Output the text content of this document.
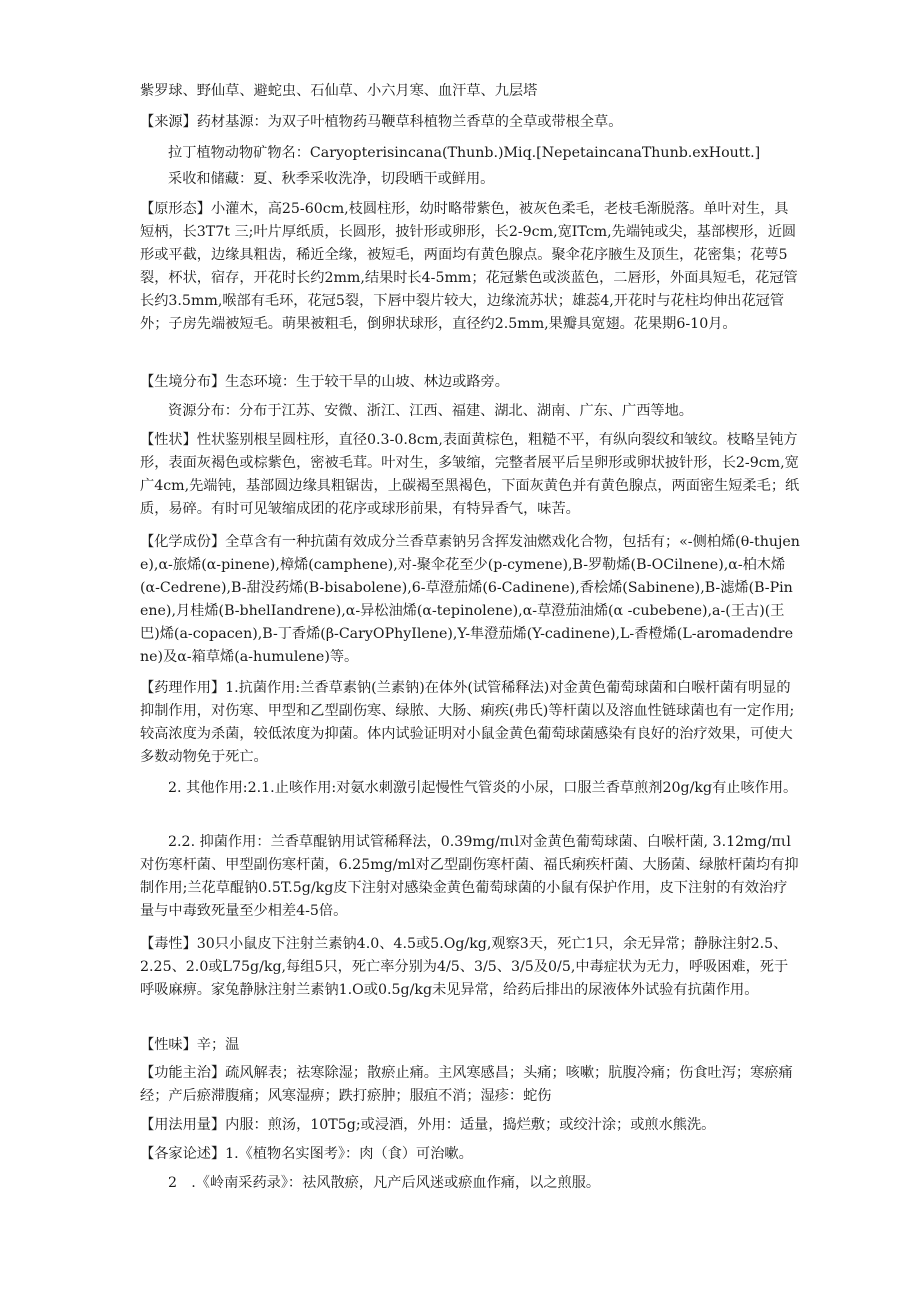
紫罗球、野仙草、避蛇虫、石仙草、小六月寒、血汗草、九层塔

【来源】药材基源：为双子叶植物药马鞭草科植物兰香草的全草或带根全草。

拉丁植物动物矿物名：Caryopterisincana(Thunb.)Miq.[NepetaincanaThunb.exHoutt.]

采收和储藏：夏、秋季采收洗净，切段晒干或鲜用。

【原形态】小灌木，高25-60cm,枝圆柱形，幼时略带紫色，被灰色柔毛，老枝毛渐脱落。单叶对生，具短柄，长3T7t 三;叶片厚纸质，长圆形，披针形或卵形，长2-9cm,宽ITcm,先端钝或尖，基部楔形，近圆形或平截，边缘具粗齿，稀近全缘，被短毛，两面均有黄色腺点。聚伞花序腋生及顶生，花密集；花萼5裂，杯状，宿存，开花时长约2mm,结果时长4-5mm；花冠紫色或淡蓝色，二唇形，外面具短毛，花冠管长约3.5mm,喉部有毛环，花冠5裂，下唇中裂片较大，边缘流苏状；雄蕊4,开花时与花柱均伸出花冠管外；子房先端被短毛。萌果被粗毛，倒卵状球形，直径约2.5mm,果瓣具宽翅。花果期6-10月。

【生境分布】生态环境：生于较干旱的山坡、林边或路旁。

资源分布：分布于江苏、安微、浙江、江西、福建、湖北、湖南、广东、广西等地。

【性状】性状鉴别根呈圆柱形，直径0.3-0.8cm,表面黄棕色，粗糙不平，有纵向裂纹和皱纹。枝略呈钝方形，表面灰褐色或棕紫色，密被毛茸。叶对生，多皱缩，完整者展平后呈卵形或卵状披针形，长2-9cm,宽广4cm,先端钝，基部圆边缘具粗锯齿，上碳褐至黑褐色，下面灰黄色并有黄色腺点，两面密生短柔毛；纸质，易碎。有时可见皱缩成团的花序或球形前果，有特异香气，味苦。

【化学成份】全草含有一种抗菌有效成分兰香草素钠另含挥发油燃戏化合物，包括有；«-侧柏烯(θ-thujene),α-旅烯(α-pinene),樟烯(camphene),对-聚伞花至少(p-cymene),B-罗勒烯(B-OCilnene),α-柏木烯(α-Cedrene),B-甜没药烯(B-bisabolene),6-草澄茄烯(6-Cadinene),香桧烯(Sabinene),B-滤烯(B-Pinene),月桂烯(B-bhelIandrene),α-异松油烯(α-tepinolene),α-草澄茄油烯(α -cubebene),a-(王古)(王巴)烯(a-copacen),B-丁香烯(β-CaryOPhyIlene),Y-隼澄茄烯(Y-cadinene),L-香橙烯(L-aromadendrene)及α-箱草烯(a-humulene)等。

【药理作用】1.抗菌作用:兰香草素钠(兰素钠)在体外(试管稀释法)对金黄色葡萄球菌和白喉杆菌有明显的抑制作用，对伤寒、甲型和乙型副伤寒、绿脓、大肠、痢疾(弗氏)等杆菌以及溶血性链球菌也有一定作用;较高浓度为杀菌，较低浓度为抑菌。体内试验证明对小鼠金黄色葡萄球菌感染有良好的治疗效果，可使大多数动物免于死亡。

2. 其他作用:2.1.止咳作用:对氨水刺激引起慢性气管炎的小尿，口服兰香草煎剂20g∕kg有止咳作用。

2.2. 抑菌作用：兰香草醌钠用试管稀释法，0.39mg∕πιl对金黄色葡萄球菌、白喉杆菌, 3.12mg∕πιl对伤寒杆菌、甲型副伤寒杆菌，6.25mg∕ml对乙型副伤寒杆菌、福氏痢疾杆菌、大肠菌、绿脓杆菌均有抑制作用;兰花草醌钠0.5T.5g∕kg皮下注射对感染金黄色葡萄球菌的小鼠有保护作用，皮下注射的有效治疗量与中毒致死量至少相差4-5倍。

【毒性】30只小鼠皮下注射兰素钠4.0、4.5或5.Og/kg,观察3天，死亡1只，余无异常；静脉注射2.5、2.25、2.0或L75g∕kg,每组5只，死亡率分别为4/5、3/5、3/5及0/5,中毒症状为无力，呼吸困难，死于呼吸麻痹。家兔静脉注射兰素钠1.O或0.5g∕kg未见异常，给药后排出的尿液体外试验有抗菌作用。

【性味】辛；温

【功能主治】疏风解表；祛寒除湿；散瘀止痛。主风寒感昌；头痛；咳嗽；肮腹冷痛；伤食吐泻；寒瘀痛经；产后瘀滞腹痛；风寒湿痹；跌打瘀肿；服疽不消；湿疹：蛇伤

【用法用量】内服：煎汤，10T5g;或浸酒，外用：适量，捣烂敷；或绞汁涂；或煎水熊洗。

【各家论述】1.《植物名实图考》：肉（食）可治嗽。

2　.《岭南采药录》：祛风散瘀，凡产后风迷或瘀血作痛，以之煎服。
